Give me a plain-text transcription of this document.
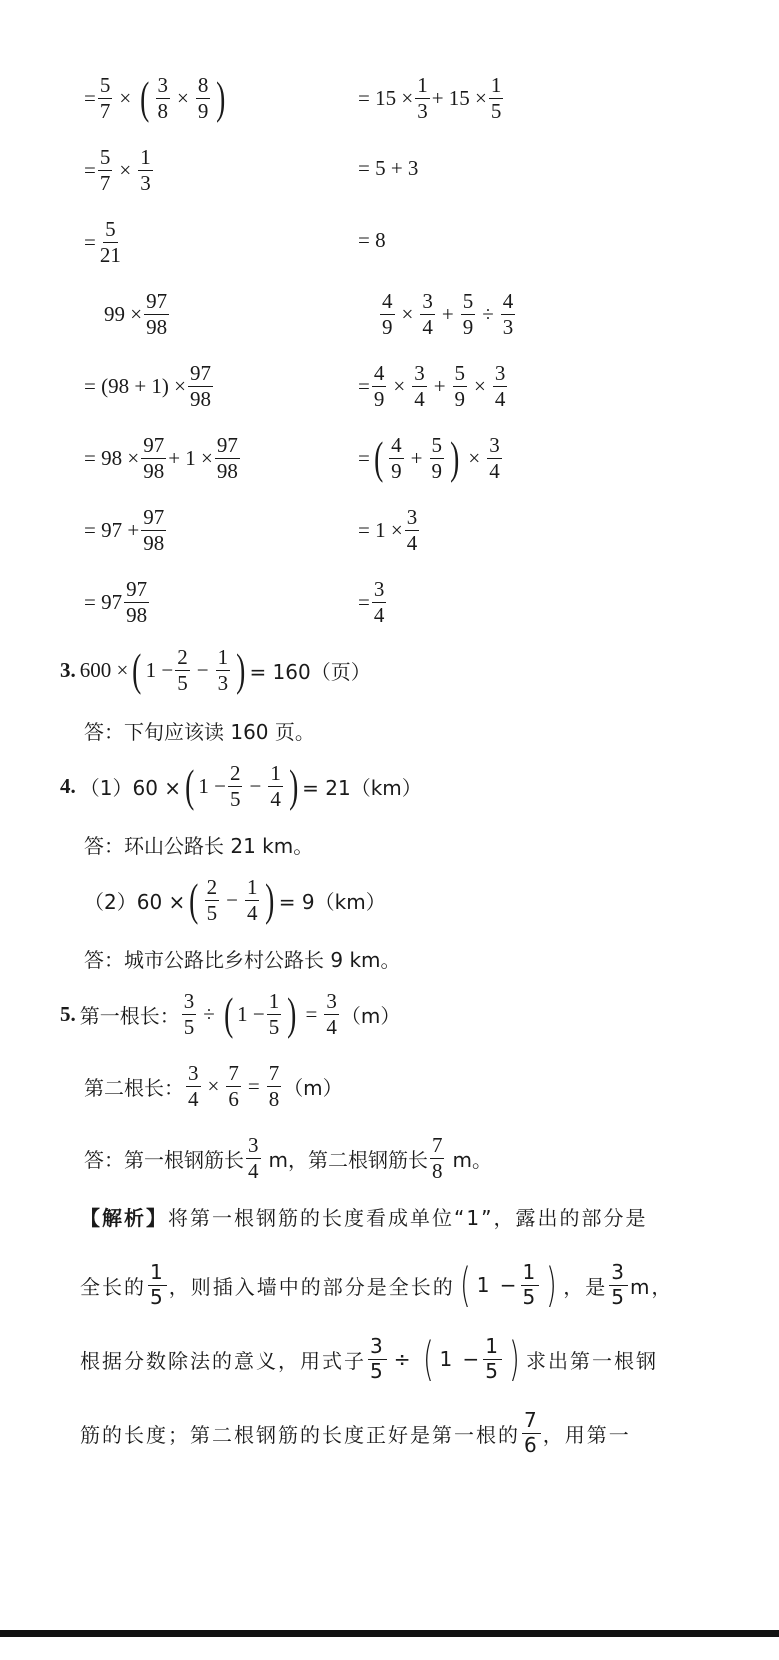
= $\frac{5}{7}$ × ( $\frac{3}{8} \times \frac{8}{9}$ )
= $\frac{5}{7} \times \frac{1}{3}$
= $\frac{5}{21}$
$99 \times \frac{97}{98}$
= $(98 + 1) \times \frac{97}{98}$
= $98 \times \frac{97}{98} + 1 \times \frac{97}{98}$
= $97 + \frac{97}{98}$
= $97 \frac{97}{98}$
= $15 \times \frac{1}{3} + 15 \times \frac{1}{5}$
= 5 + 3
= 8
$\frac{4}{9} \times \frac{3}{4} + \frac{5}{9} \div \frac{4}{3}$
= $\frac{4}{9} \times \frac{3}{4} + \frac{5}{9} \times \frac{3}{4}$
= ( $\frac{4}{9} + \frac{5}{9}$ ) × $\frac{3}{4}$
= $1 \times \frac{3}{4}$
= $\frac{3}{4}$
3. 600 × ( $1 - \frac{2}{5} - \frac{1}{3}$ ) = 160（页）
答：下旬应该读 160 页。
4. （1）60 × ( $1 - \frac{2}{5} - \frac{1}{4}$ ) = 21（km）
答：环山公路长 21 km。
（2）60 × ( $\frac{2}{5} - \frac{1}{4}$ ) = 9（km）
答：城市公路比乡村公路长 9 km。
5. 第一根长： $\frac{3}{5}$ ÷ ( $1 - \frac{1}{5}$ ) = $\frac{3}{4} (m)$
第二根长： $\frac{3}{4} \times \frac{7}{6} = \frac{7}{8} (m)$
答：第一根钢筋长 $\frac{3}{4}$ m，第二根钢筋长 $\frac{7}{8}$ m。
【解析】 将第一根钢筋的长度看成单位“1”，露出的部分是
全长的 $\frac{1}{5}$ ，则插入墙中的部分是全长的 ( $1 - \frac{1}{5}$ ) ，是 $\frac{3}{5}$ m，
根据分数除法的意义，用式子 $\frac{3}{5}$ ÷ ( $1 - \frac{1}{5}$ ) 求出第一根钢
筋的长度；第二根钢筋的长度正好是第一根的 $\frac{7}{6}$ ，用第一
